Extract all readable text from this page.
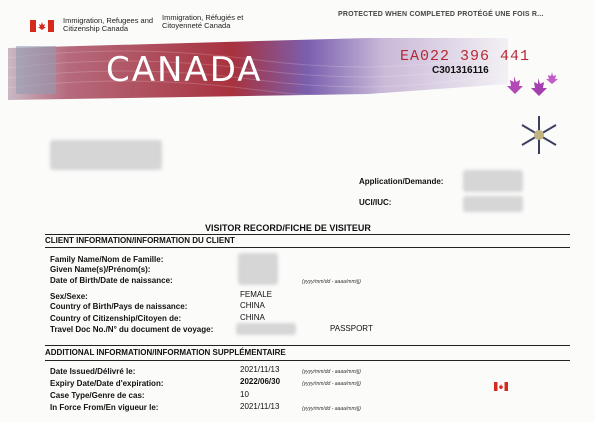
Immigration, Refugees and
Citizenship Canada
Immigration, Réfugiés et
Citoyenneté Canada
PROTECTED WHEN COMPLETED PROTÉGÉ UNE FOIS R...
CANADA	EA022 396 441
C301316116
Application/Demande:
UCI/IUC:
VISITOR RECORD/FICHE DE VISITEUR
CLIENT INFORMATION/INFORMATION DU CLIENT
Family Name/Nom de Famille:
Given Name(s)/Prénom(s):
Date of Birth/Date de naissance:	(yyyy/mm/dd - aaaa/mm/jj)
Sex/Sexe:	FEMALE
Country of Birth/Pays de naissance:	CHINA
Country of Citizenship/Citoyen de:	CHINA
Travel Doc No./N° du document de voyage:	PASSPORT
ADDITIONAL INFORMATION/INFORMATION SUPPLÉMENTAIRE
Date Issued/Délivré le:	2021/11/13	(yyyy/mm/dd - aaaa/mm/jj)
Expiry Date/Date d'expiration:	2022/06/30	(yyyy/mm/dd - aaaa/mm/jj)
Case Type/Genre de cas:	10
In Force From/En vigueur le:	2021/11/13	(yyyy/mm/dd - aaaa/mm/jj)
